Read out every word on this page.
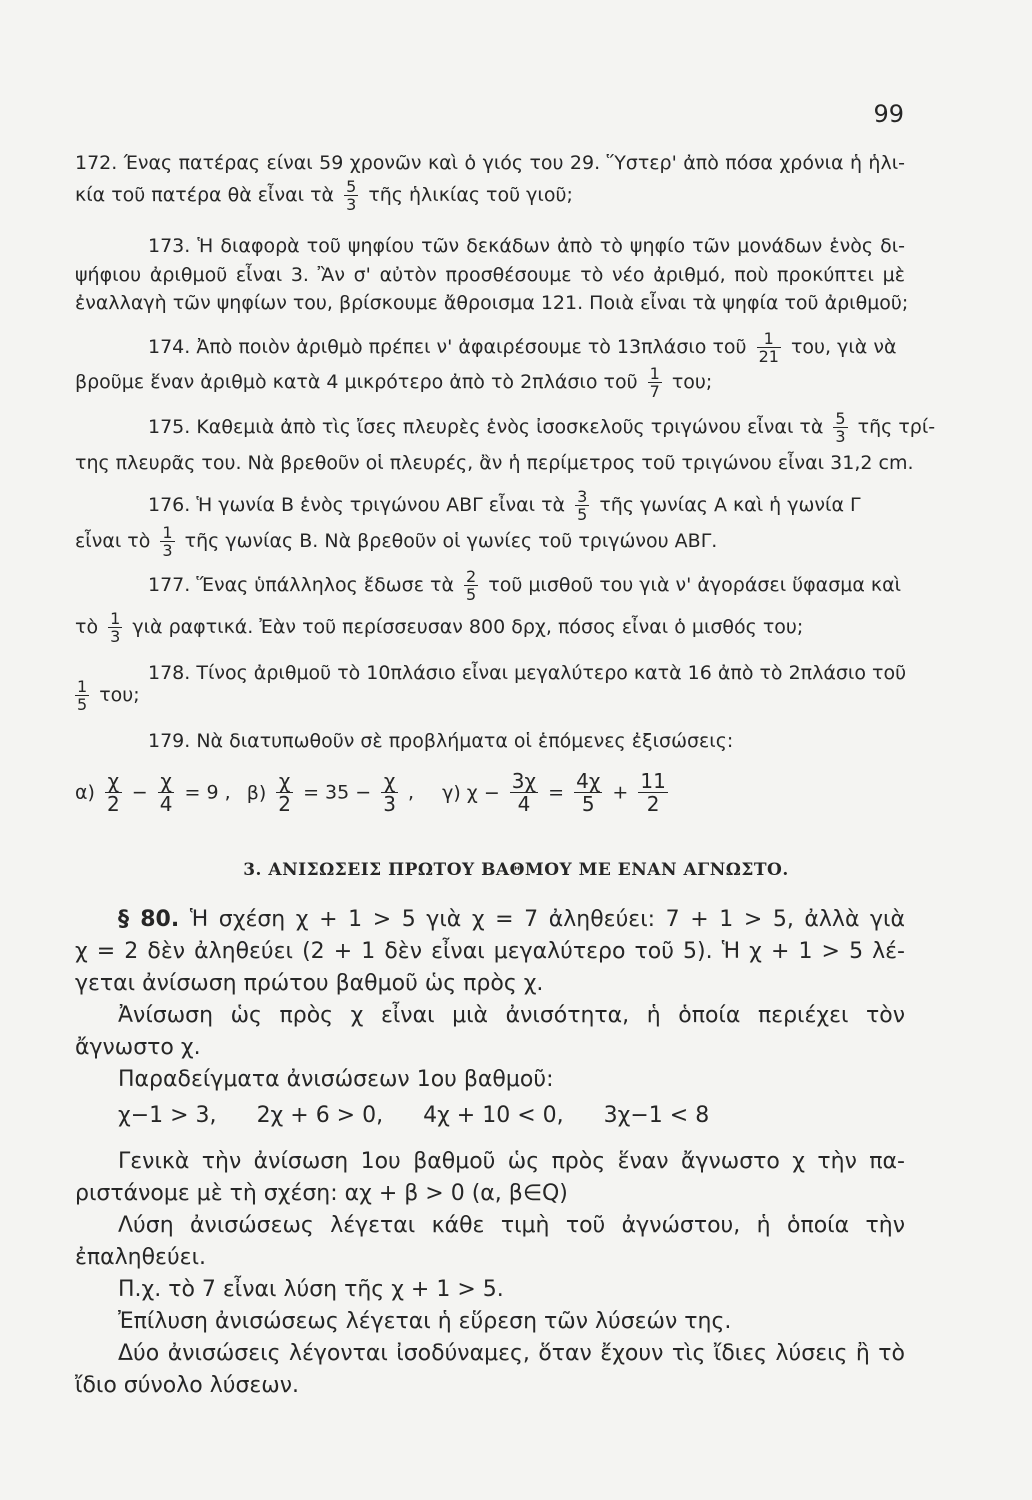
99
172. Ένας πατέρας είναι 59 χρονῶν καὶ ὁ γιός του 29. Ὕστερ' ἀπὸ πόσα χρόνια ἡ ἡλι-
κία τοῦ πατέρα θὰ εἶναι τὰ $\frac{5}{3}$ τῆς ἡλικίας τοῦ γιοῦ;
173. Ἡ διαφορὰ τοῦ ψηφίου τῶν δεκάδων ἀπὸ τὸ ψηφίο τῶν μονάδων ἑνὸς δι-
ψήφιου ἀριθμοῦ εἶναι 3. Ἂν σ' αὐτὸν προσθέσουμε τὸ νέο ἀριθμό, ποὺ προκύπτει μὲ
ἐναλλαγὴ τῶν ψηφίων του, βρίσκουμε ἄθροισμα 121. Ποιὰ εἶναι τὰ ψηφία τοῦ ἀριθμοῦ;
174. Ἀπὸ ποιὸν ἀριθμὸ πρέπει ν' ἀφαιρέσουμε τὸ 13πλάσιο τοῦ $\frac{1}{21} \tau o\upsilon$, γιὰ νὰ
βροῦμε ἕναν ἀριθμὸ κατὰ 4 μικρότερο ἀπὸ τὸ 2πλάσιο τοῦ $\frac{1}{7} \tau o\upsilon$;
175. Καθεμιὰ ἀπὸ τὶς ἴσες πλευρὲς ἑνὸς ἰσοσκελοῦς τριγώνου εἶναι τὰ $\frac{5}{3}$ τῆς τρί-
της πλευρᾶς του. Νὰ βρεθοῦν οἱ πλευρές, ἂν ἡ περίμετρος τοῦ τριγώνου εἶναι 31,2 cm.
176. Ἡ γωνία Β ἑνὸς τριγώνου ΑΒΓ εἶναι τὰ $\frac{3}{5}$ τῆς γωνίας Α καὶ ἡ γωνία Γ
εἶναι τὸ $\frac{1}{3}$ τῆς γωνίας Β. Νὰ βρεθοῦν οἱ γωνίες τοῦ τριγώνου ΑΒΓ.
177. Ἕνας ὑπάλληλος ἔδωσε τὰ $\frac{2}{5}$ τοῦ μισθοῦ του γιὰ ν' ἀγοράσει ὕφασμα καὶ
τὸ $\frac{1}{3}$ γιὰ ραφτικά. Ἐὰν τοῦ περίσσευσαν 800 δρχ, πόσος εἶναι ὁ μισθός του;
178. Τίνος ἀριθμοῦ τὸ 10πλάσιο εἶναι μεγαλύτερο κατὰ 16 ἀπὸ τὸ 2πλάσιο τοῦ
$\frac{1}{5} \tau o\upsilon$;
179. Νὰ διατυπωθοῦν σὲ προβλήματα οἱ ἑπόμενες ἐξισώσεις:
$\alpha) \frac{\chi}{2} - \frac{\chi}{4} = 9$ , $\beta) \frac{\chi}{2} = 35 - \frac{\chi}{3}$ , γ) $\chi - \frac{3\chi}{4} = \frac{4\chi}{5} + \frac{11}{2}$
3. ΑΝΙΣΩΣΕΙΣ ΠΡΩΤΟΥ ΒΑΘΜΟΥ ΜΕ ΕΝΑΝ ΑΓΝΩΣΤΟ.
§ 80. Ἡ σχέση χ + 1 > 5 γιὰ χ = 7 ἀληθεύει: 7 + 1 > 5, ἀλλὰ γιὰ
χ = 2 δὲν ἀληθεύει (2 + 1 δὲν εἶναι μεγαλύτερο τοῦ 5). Ἡ χ + 1 > 5 λέ-
γεται ἀνίσωση πρώτου βαθμοῦ ὡς πρὸς χ.
Ἀνίσωση ὡς πρὸς χ εἶναι μιὰ ἀνισότητα, ἡ ὁποία περιέχει τὸν
ἄγνωστο χ.
Παραδείγματα ἀνισώσεων 1ου βαθμοῦ:
χ−1 > 3, 2χ + 6 > 0, 4χ + 10 < 0, 3χ−1 < 8
Γενικὰ τὴν ἀνίσωση 1ου βαθμοῦ ὡς πρὸς ἕναν ἄγνωστο χ τὴν πα-
ριστάνομε μὲ τὴ σχέση: αχ + β > 0 (α, β∈Q)
Λύση ἀνισώσεως λέγεται κάθε τιμὴ τοῦ ἀγνώστου, ἡ ὁποία τὴν
ἐπαληθεύει.
Π.χ. τὸ 7 εἶναι λύση τῆς χ + 1 > 5.
Ἐπίλυση ἀνισώσεως λέγεται ἡ εὕρεση τῶν λύσεών της.
Δύο ἀνισώσεις λέγονται ἰσοδύναμες, ὅταν ἔχουν τὶς ἴδιες λύσεις ἢ τὸ
ἴδιο σύνολο λύσεων.
